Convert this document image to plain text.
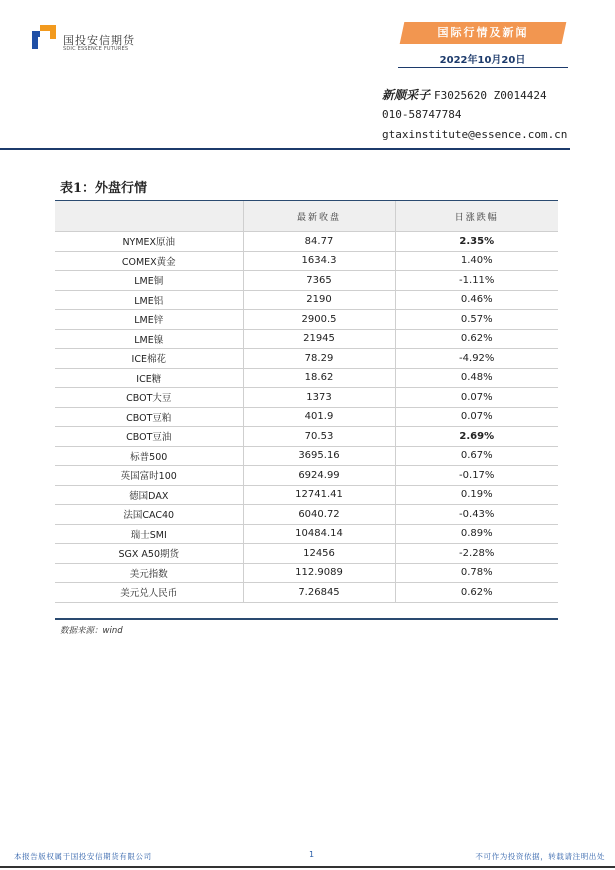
国投安信期货
SDIC ESSENCE FUTURES
国际行情及新闻
2022年10月20日
新顺采子 F3025620 Z0014424
010-58747784
gtaxinstitute@essence.com.cn
表1：外盘行情
	最新收盘	日涨跌幅
NYMEX原油	84.77	2.35%
COMEX黄金	1634.3	1.40%
LME铜	7365	-1.11%
LME铝	2190	0.46%
LME锌	2900.5	0.57%
LME镍	21945	0.62%
ICE棉花	78.29	-4.92%
ICE糖	18.62	0.48%
CBOT大豆	1373	0.07%
CBOT豆粕	401.9	0.07%
CBOT豆油	70.53	2.69%
标普500	3695.16	0.67%
英国富时100	6924.99	-0.17%
德国DAX	12741.41	0.19%
法国CAC40	6040.72	-0.43%
瑞士SMI	10484.14	0.89%
SGX A50期货	12456	-2.28%
美元指数	112.9089	0.78%
美元兑人民币	7.26845	0.62%
数据来源：wind
本报告版权属于国投安信期货有限公司	1	不可作为投资依据，转载请注明出处
